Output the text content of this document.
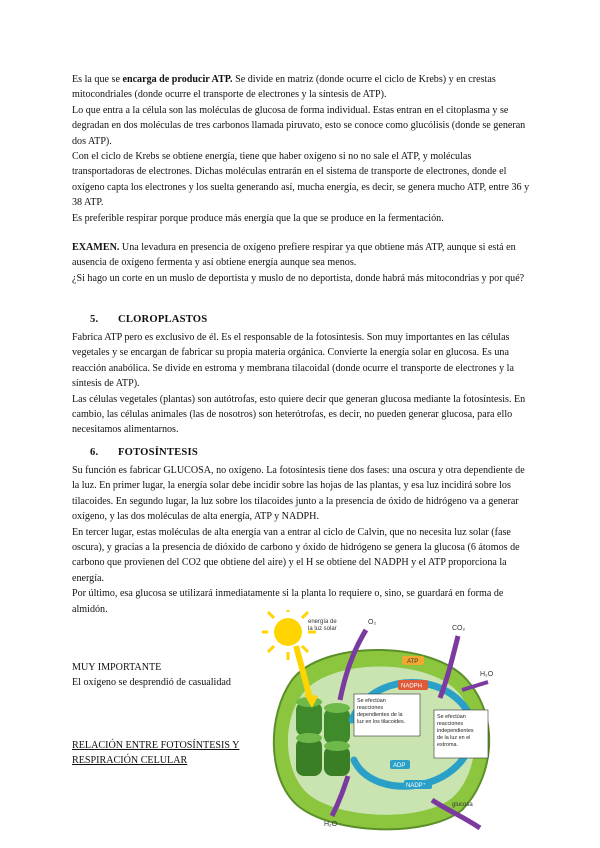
Es la que se encarga de producir ATP. Se divide en matriz (donde ocurre el ciclo de Krebs) y en crestas mitocondriales (donde ocurre el transporte de electrones y la síntesis de ATP).

Lo que entra a la célula son las moléculas de glucosa de forma individual. Estas entran en el citoplasma y se degradan en dos moléculas de tres carbonos llamada piruvato, esto se conoce como glucólisis (donde se generan dos ATP).

Con el ciclo de Krebs se obtiene energía, tiene que haber oxígeno si no no sale el ATP, y moléculas transportadoras de electrones. Dichas moléculas entrarán en el sistema de transporte de electrones, donde el oxígeno capta los electrones y los suelta generando así, mucha energía, es decir, se genera mucho ATP, entre 36 y 38 ATP.

Es preferible respirar porque produce más energía que la que se produce en la fermentación.

EXAMEN. Una levadura en presencia de oxígeno prefiere respirar ya que obtiene más ATP, aunque si está en ausencia de oxígeno fermenta y así obtiene energía aunque sea menos.

¿Si hago un corte en un muslo de deportista y muslo de no deportista, donde habrá más mitocondrias y por qué?

5. CLOROPLASTOS

Fabrica ATP pero es exclusivo de él. Es el responsable de la fotosíntesis. Son muy importantes en las células vegetales y se encargan de fabricar su propia materia orgánica. Convierte la energía solar en glucosa. Es una reacción anabólica. Se divide en estroma y membrana tilacoidal (donde ocurre el transporte de electrones y la síntesis de ATP).

Las células vegetales (plantas) son autótrofas, esto quiere decir que generan glucosa mediante la fotosíntesis. En cambio, las células animales (las de nosotros) son heterótrofas, es decir, no pueden generar glucosa, para ello necesitamos alimentarnos.

6. FOTOSÍNTESIS

Su función es fabricar GLUCOSA, no oxígeno. La fotosíntesis tiene dos fases: una oscura y otra dependiente de la luz. En primer lugar, la energía solar debe incidir sobre las hojas de las plantas, y esa luz incidirá sobre los tilacoides. En segundo lugar, la luz sobre los tilacoides junto a la presencia de óxido de hidrógeno va a generar oxígeno, y las dos moléculas de alta energía, ATP y NADPH.

En tercer lugar, estas moléculas de alta energía van a entrar al ciclo de Calvin, que no necesita luz solar (fase oscura), y gracias a la presencia de dióxido de carbono y óxido de hidrógeno se genera la glucosa (6 átomos de carbono que provienen del CO2 que obtiene del aire) y el H se obtiene del NADPH y el ATP proporciona la energía.

Por último, esa glucosa se utilizará inmediatamente si la planta lo requiere o, sino, se guardará en forma de almidón.

MUY IMPORTANTE

El oxígeno se desprendió de casualidad

RELACIÓN ENTRE FOTOSÍNTESIS Y

RESPIRACIÓN CELULAR

energía de
la luz solar
O₂
CO₂
ATP
NADPH
Se efectúan
reacciones
dependientes de la
luz en los tilacoides.
Se efectúan
reacciones
independientes
de la luz en el
estroma.
H₂O
ADP
NADP⁺
H₂O
glucosa
